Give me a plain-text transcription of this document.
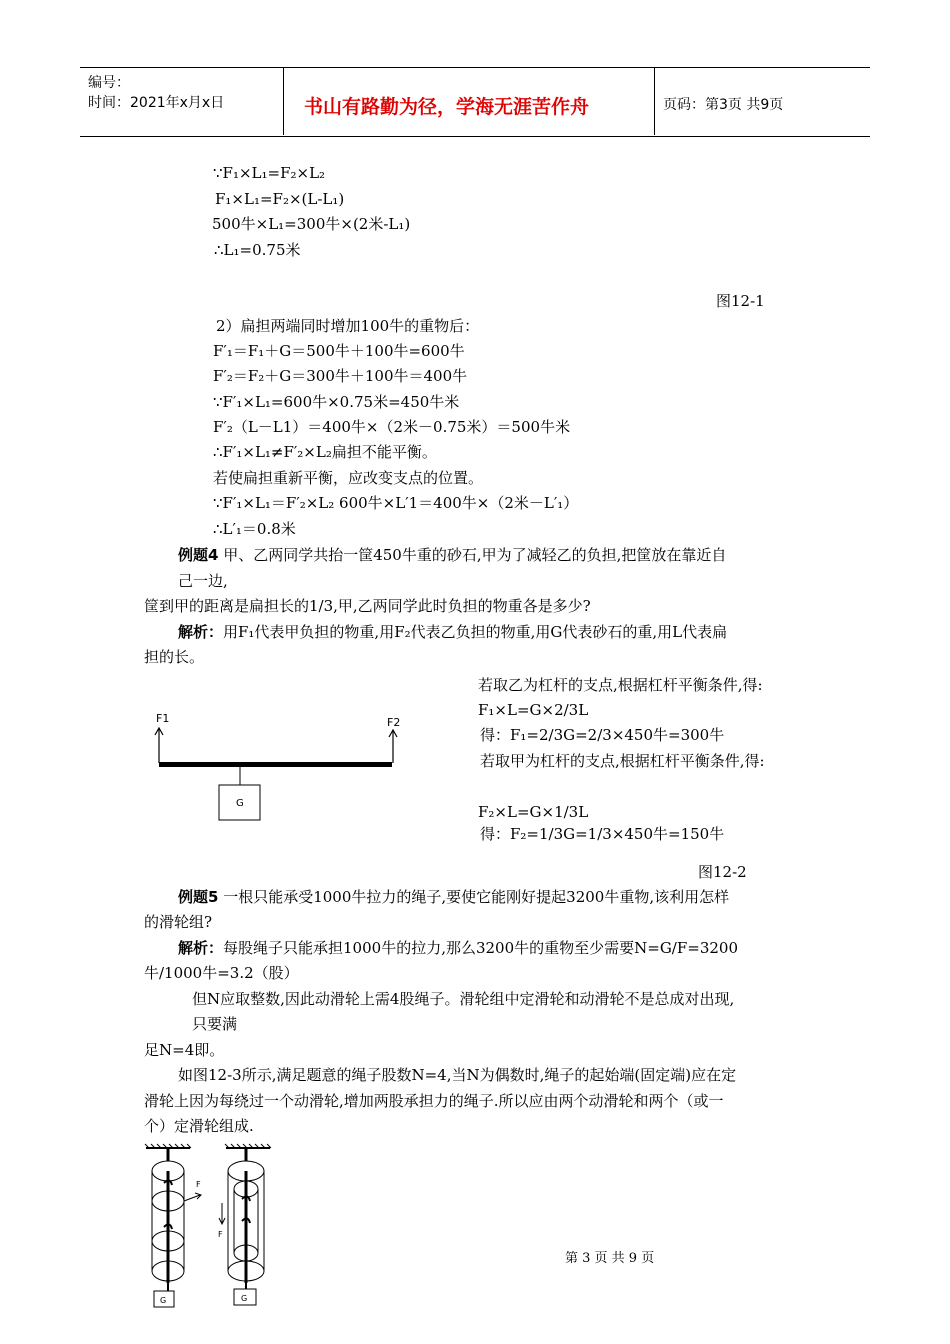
编号：
时间：2021年x月x日	书山有路勤为径，学海无涯苦作舟	页码：第3页 共9页
∵F₁×L₁=F₂×L₂
F₁×L₁=F₂×(L-L₁)
500牛×L₁=300牛×(2米-L₁)
∴L₁=0.75米
图12-1
2）扁担两端同时增加100牛的重物后：
F′₁＝F₁＋G＝500牛＋100牛=600牛
F′₂＝F₂＋G＝300牛＋100牛＝400牛
∵F′₁×L₁=600牛×0.75米=450牛米
F′₂（L－L1）＝400牛×（2米－0.75米）＝500牛米
∴F′₁×L₁≠F′₂×L₂扁担不能平衡。
若使扁担重新平衡，应改变支点的位置。
∵F′₁×L₁＝F′₂×L₂ 600牛×L′1＝400牛×（2米－L′₁）
∴L′₁＝0.8米
例题4 甲、乙两同学共抬一筐450牛重的砂石,甲为了减轻乙的负担,把筐放在靠近自
己一边,
筐到甲的距离是扁担长的1/3,甲,乙两同学此时负担的物重各是多少?
解析：用F₁代表甲负担的物重,用F₂代表乙负担的物重,用G代表砂石的重,用L代表扁
担的长。
若取乙为杠杆的支点,根据杠杆平衡条件,得:
F₁×L=G×2/3L
得：F₁=2/3G=2/3×450牛=300牛
若取甲为杠杆的支点,根据杠杆平衡条件,得:
F₂×L=G×1/3L
得：F₂=1/3G=1/3×450牛=150牛
F1	F2
G
图12-2
例题5 一根只能承受1000牛拉力的绳子,要使它能刚好提起3200牛重物,该利用怎样
的滑轮组?
解析：每股绳子只能承担1000牛的拉力,那么3200牛的重物至少需要N=G/F=3200
牛/1000牛=3.2（股）
但N应取整数,因此动滑轮上需4股绳子。滑轮组中定滑轮和动滑轮不是总成对出现,
只要满
足N=4即。
如图12-3所示,满足题意的绳子股数N=4,当N为偶数时,绳子的起始端(固定端)应在定
滑轮上因为每绕过一个动滑轮,增加两股承担力的绳子.所以应由两个动滑轮和两个（或一
个）定滑轮组成.
F
G
F
G
第 3 页 共 9 页
